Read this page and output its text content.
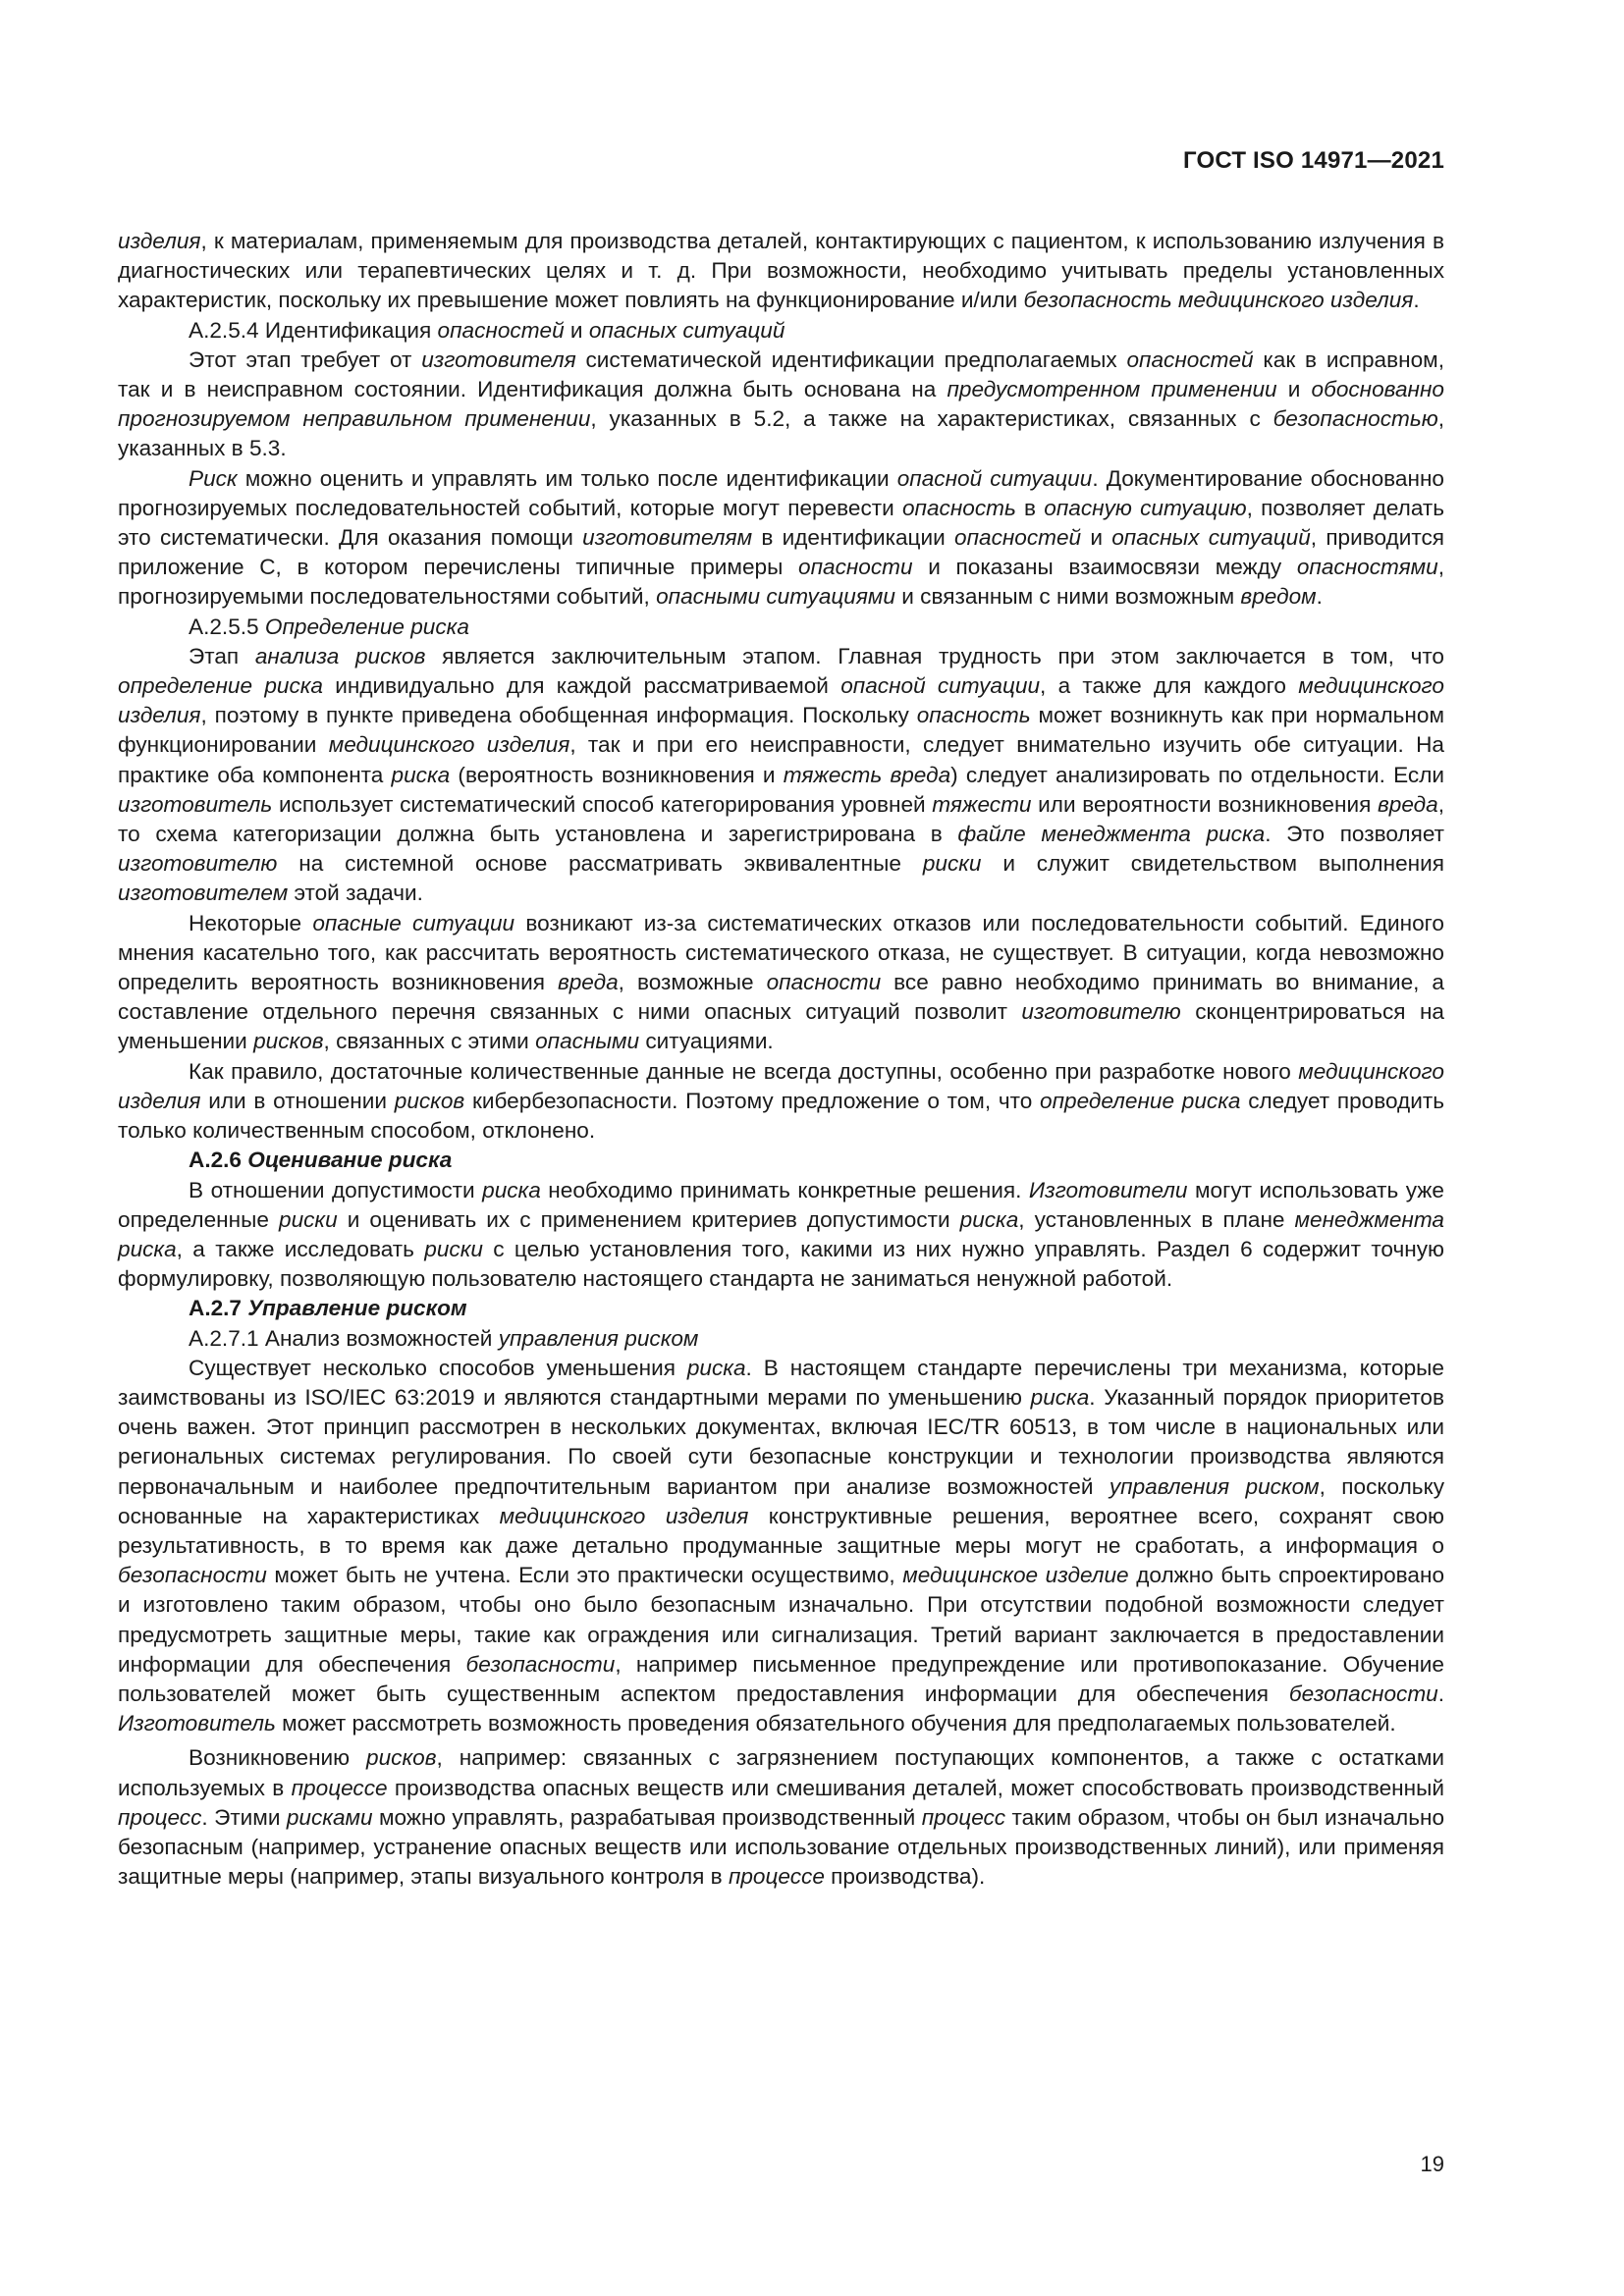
ГОСТ ISO 14971—2021

изделия, к материалам, применяемым для производства деталей, контактирующих с пациентом, к использованию излучения в диагностических или терапевтических целях и т. д. При возможности, необходимо учитывать пределы установленных характеристик, поскольку их превышение может повлиять на функционирование и/или безопасность медицинского изделия.

А.2.5.4 Идентификация опасностей и опасных ситуаций

Этот этап требует от изготовителя систематической идентификации предполагаемых опасностей как в исправном, так и в неисправном состоянии. Идентификация должна быть основана на предусмотренном применении и обоснованно прогнозируемом неправильном применении, указанных в 5.2, а также на характеристиках, связанных с безопасностью, указанных в 5.3.

Риск можно оценить и управлять им только после идентификации опасной ситуации. Документирование обоснованно прогнозируемых последовательностей событий, которые могут перевести опасность в опасную ситуацию, позволяет делать это систематически. Для оказания помощи изготовителям в идентификации опасностей и опасных ситуаций, приводится приложение С, в котором перечислены типичные примеры опасности и показаны взаимосвязи между опасностями, прогнозируемыми последовательностями событий, опасными ситуациями и связанным с ними возможным вредом.

А.2.5.5 Определение риска

Этап анализа рисков является заключительным этапом. Главная трудность при этом заключается в том, что определение риска индивидуально для каждой рассматриваемой опасной ситуации, а также для каждого медицинского изделия, поэтому в пункте приведена обобщенная информация. Поскольку опасность может возникнуть как при нормальном функционировании медицинского изделия, так и при его неисправности, следует внимательно изучить обе ситуации. На практике оба компонента риска (вероятность возникновения и тяжесть вреда) следует анализировать по отдельности. Если изготовитель использует систематический способ категорирования уровней тяжести или вероятности возникновения вреда, то схема категоризации должна быть установлена и зарегистрирована в файле менеджмента риска. Это позволяет изготовителю на системной основе рассматривать эквивалентные риски и служит свидетельством выполнения изготовителем этой задачи.

Некоторые опасные ситуации возникают из-за систематических отказов или последовательности событий. Единого мнения касательно того, как рассчитать вероятность систематического отказа, не существует. В ситуации, когда невозможно определить вероятность возникновения вреда, возможные опасности все равно необходимо принимать во внимание, а составление отдельного перечня связанных с ними опасных ситуаций позволит изготовителю сконцентрироваться на уменьшении рисков, связанных с этими опасными ситуациями.

Как правило, достаточные количественные данные не всегда доступны, особенно при разработке нового медицинского изделия или в отношении рисков кибербезопасности. Поэтому предложение о том, что определение риска следует проводить только количественным способом, отклонено.

А.2.6 Оценивание риска

В отношении допустимости риска необходимо принимать конкретные решения. Изготовители могут использовать уже определенные риски и оценивать их с применением критериев допустимости риска, установленных в плане менеджмента риска, а также исследовать риски с целью установления того, какими из них нужно управлять. Раздел 6 содержит точную формулировку, позволяющую пользователю настоящего стандарта не заниматься ненужной работой.

А.2.7 Управление риском

А.2.7.1 Анализ возможностей управления риском

Существует несколько способов уменьшения риска. В настоящем стандарте перечислены три механизма, которые заимствованы из ISO/IEC 63:2019 и являются стандартными мерами по уменьшению риска. Указанный порядок приоритетов очень важен. Этот принцип рассмотрен в нескольких документах, включая IEC/TR 60513, в том числе в национальных или региональных системах регулирования. По своей сути безопасные конструкции и технологии производства являются первоначальным и наиболее предпочтительным вариантом при анализе возможностей управления риском, поскольку основанные на характеристиках медицинского изделия конструктивные решения, вероятнее всего, сохранят свою результативность, в то время как даже детально продуманные защитные меры могут не сработать, а информация о безопасности может быть не учтена. Если это практически осуществимо, медицинское изделие должно быть спроектировано и изготовлено таким образом, чтобы оно было безопасным изначально. При отсутствии подобной возможности следует предусмотреть защитные меры, такие как ограждения или сигнализация. Третий вариант заключается в предоставлении информации для обеспечения безопасности, например письменное предупреждение или противопоказание. Обучение пользователей может быть существенным аспектом предоставления информации для обеспечения безопасности. Изготовитель может рассмотреть возможность проведения обязательного обучения для предполагаемых пользователей.

Возникновению рисков, например: связанных с загрязнением поступающих компонентов, а также с остатками используемых в процессе производства опасных веществ или смешивания деталей, может способствовать производственный процесс. Этими рисками можно управлять, разрабатывая производственный процесс таким образом, чтобы он был изначально безопасным (например, устранение опасных веществ или использование отдельных производственных линий), или применяя защитные меры (например, этапы визуального контроля в процессе производства).

19
